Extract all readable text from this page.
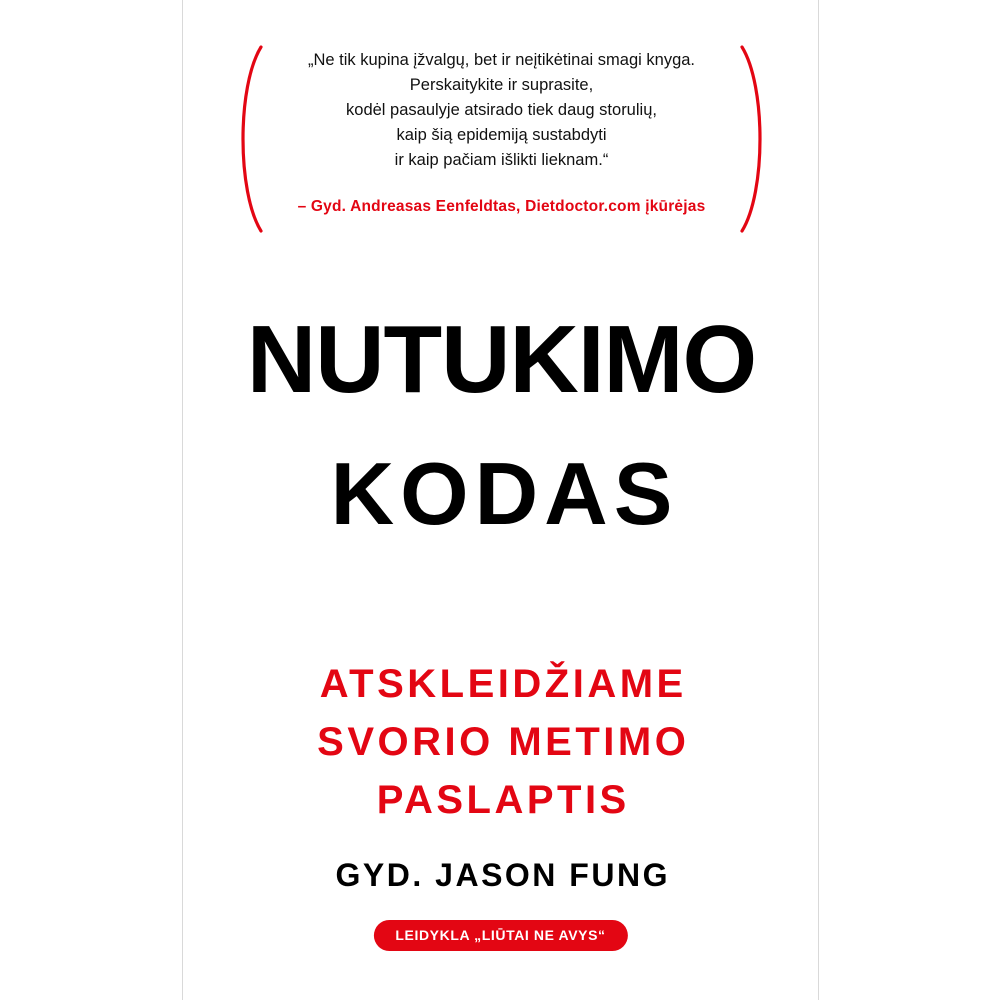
„Ne tik kupina įžvalgų, bet ir neįtikėtinai smagi knyga.
Perskaitykite ir suprasite,
kodėl pasaulyje atsirado tiek daug storulių,
kaip šią epidemiją sustabdyti
ir kaip pačiam išlikti lieknam.“
– Gyd. Andreasas Eenfeldtas, Dietdoctor.com įkūrėjas
NUTUKIMO
KODAS
ATSKLEIDŽIAME
SVORIO METIMO
PASLAPTIS
GYD. JASON FUNG
LEIDYKLA „LIŪTAI NE AVYS“
